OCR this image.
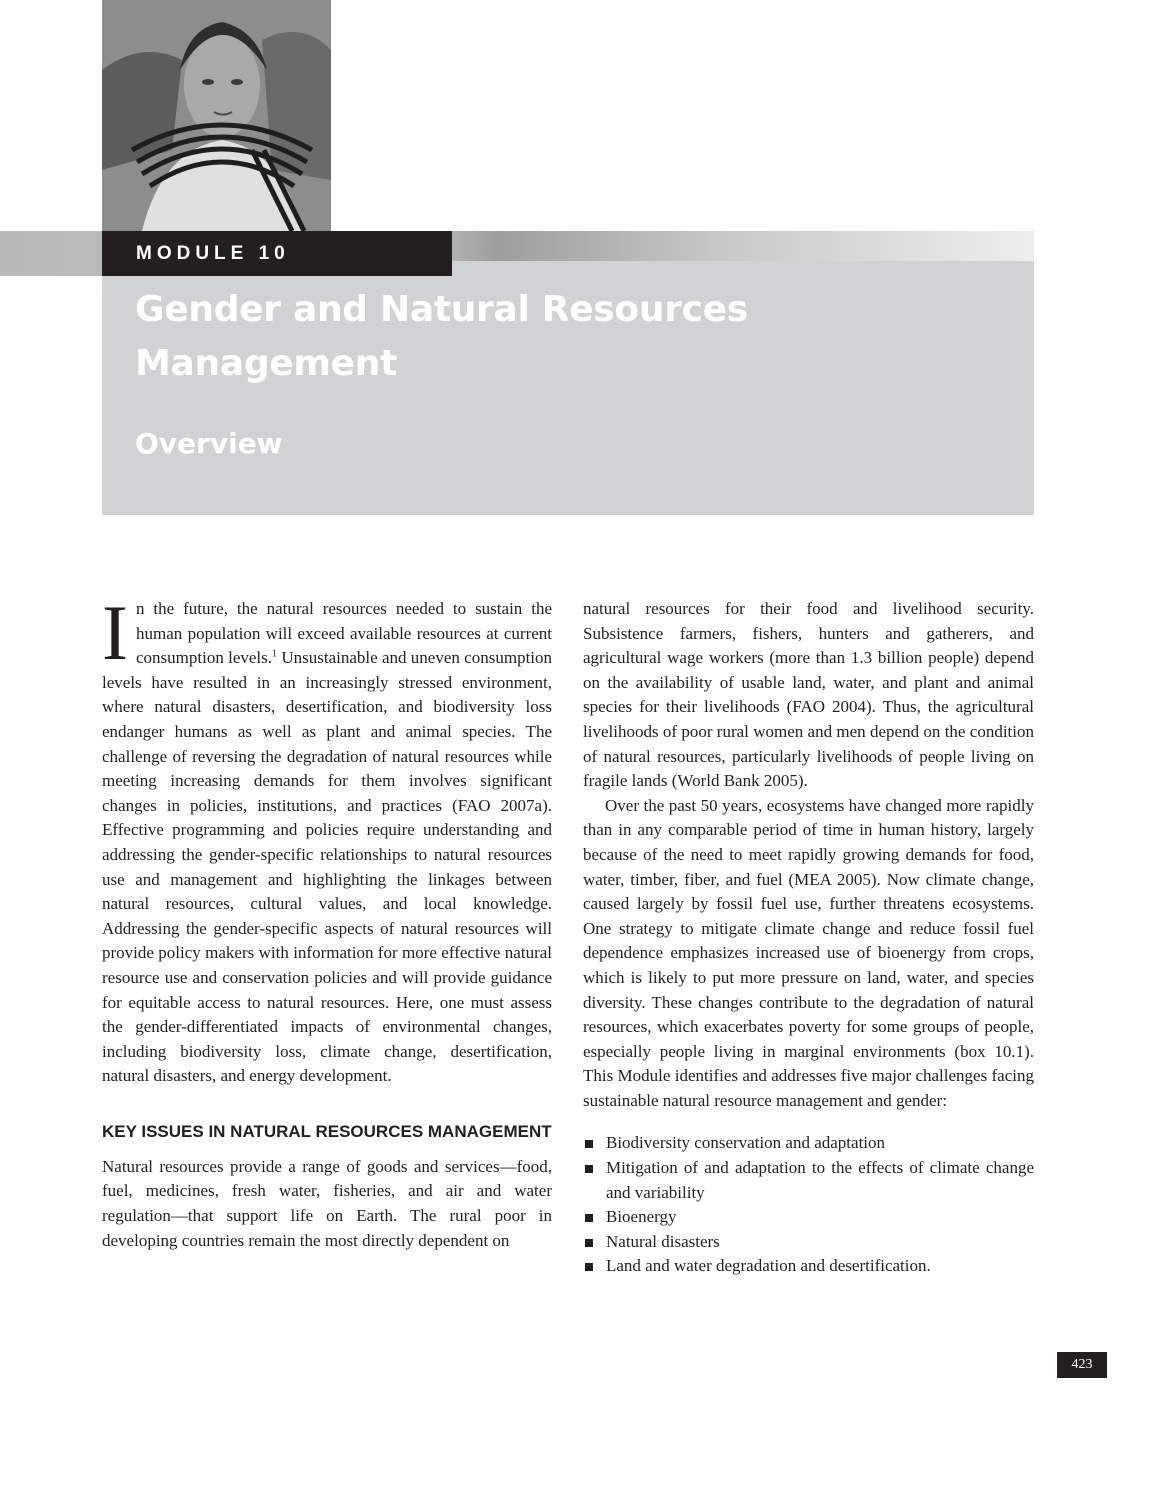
MODULE 10
Gender and Natural Resources Management
Overview

In the future, the natural resources needed to sustain the human population will exceed available resources at current consumption levels.$^1$ Unsustainable and uneven consumption levels have resulted in an increasingly stressed environment, where natural disasters, desertification, and biodiversity loss endanger humans as well as plant and animal species. The challenge of reversing the degradation of natural resources while meeting increasing demands for them involves significant changes in policies, institutions, and practices (FAO 2007a). Effective programming and policies require understanding and addressing the gender-specific relationships to natural resources use and management and highlighting the linkages between natural resources, cultural values, and local knowledge. Addressing the gender-specific aspects of natural resources will provide policy makers with information for more effective natural resource use and conservation policies and will provide guidance for equitable access to natural resources. Here, one must assess the gender-differentiated impacts of environmental changes, including biodiversity loss, climate change, desertification, natural disasters, and energy development.

KEY ISSUES IN NATURAL RESOURCES MANAGEMENT

Natural resources provide a range of goods and services—food, fuel, medicines, fresh water, fisheries, and air and water regulation—that support life on Earth. The rural poor in developing countries remain the most directly dependent on

natural resources for their food and livelihood security. Subsistence farmers, fishers, hunters and gatherers, and agricultural wage workers (more than 1.3 billion people) depend on the availability of usable land, water, and plant and animal species for their livelihoods (FAO 2004). Thus, the agricultural livelihoods of poor rural women and men depend on the condition of natural resources, particularly livelihoods of people living on fragile lands (World Bank 2005).

Over the past 50 years, ecosystems have changed more rapidly than in any comparable period of time in human history, largely because of the need to meet rapidly growing demands for food, water, timber, fiber, and fuel (MEA 2005). Now climate change, caused largely by fossil fuel use, further threatens ecosystems. One strategy to mitigate climate change and reduce fossil fuel dependence emphasizes increased use of bioenergy from crops, which is likely to put more pressure on land, water, and species diversity. These changes contribute to the degradation of natural resources, which exacerbates poverty for some groups of people, especially people living in marginal environments (box 10.1). This Module identifies and addresses five major challenges facing sustainable natural resource management and gender:

Biodiversity conservation and adaptation
Mitigation of and adaptation to the effects of climate change and variability
Bioenergy
Natural disasters
Land and water degradation and desertification.
423
